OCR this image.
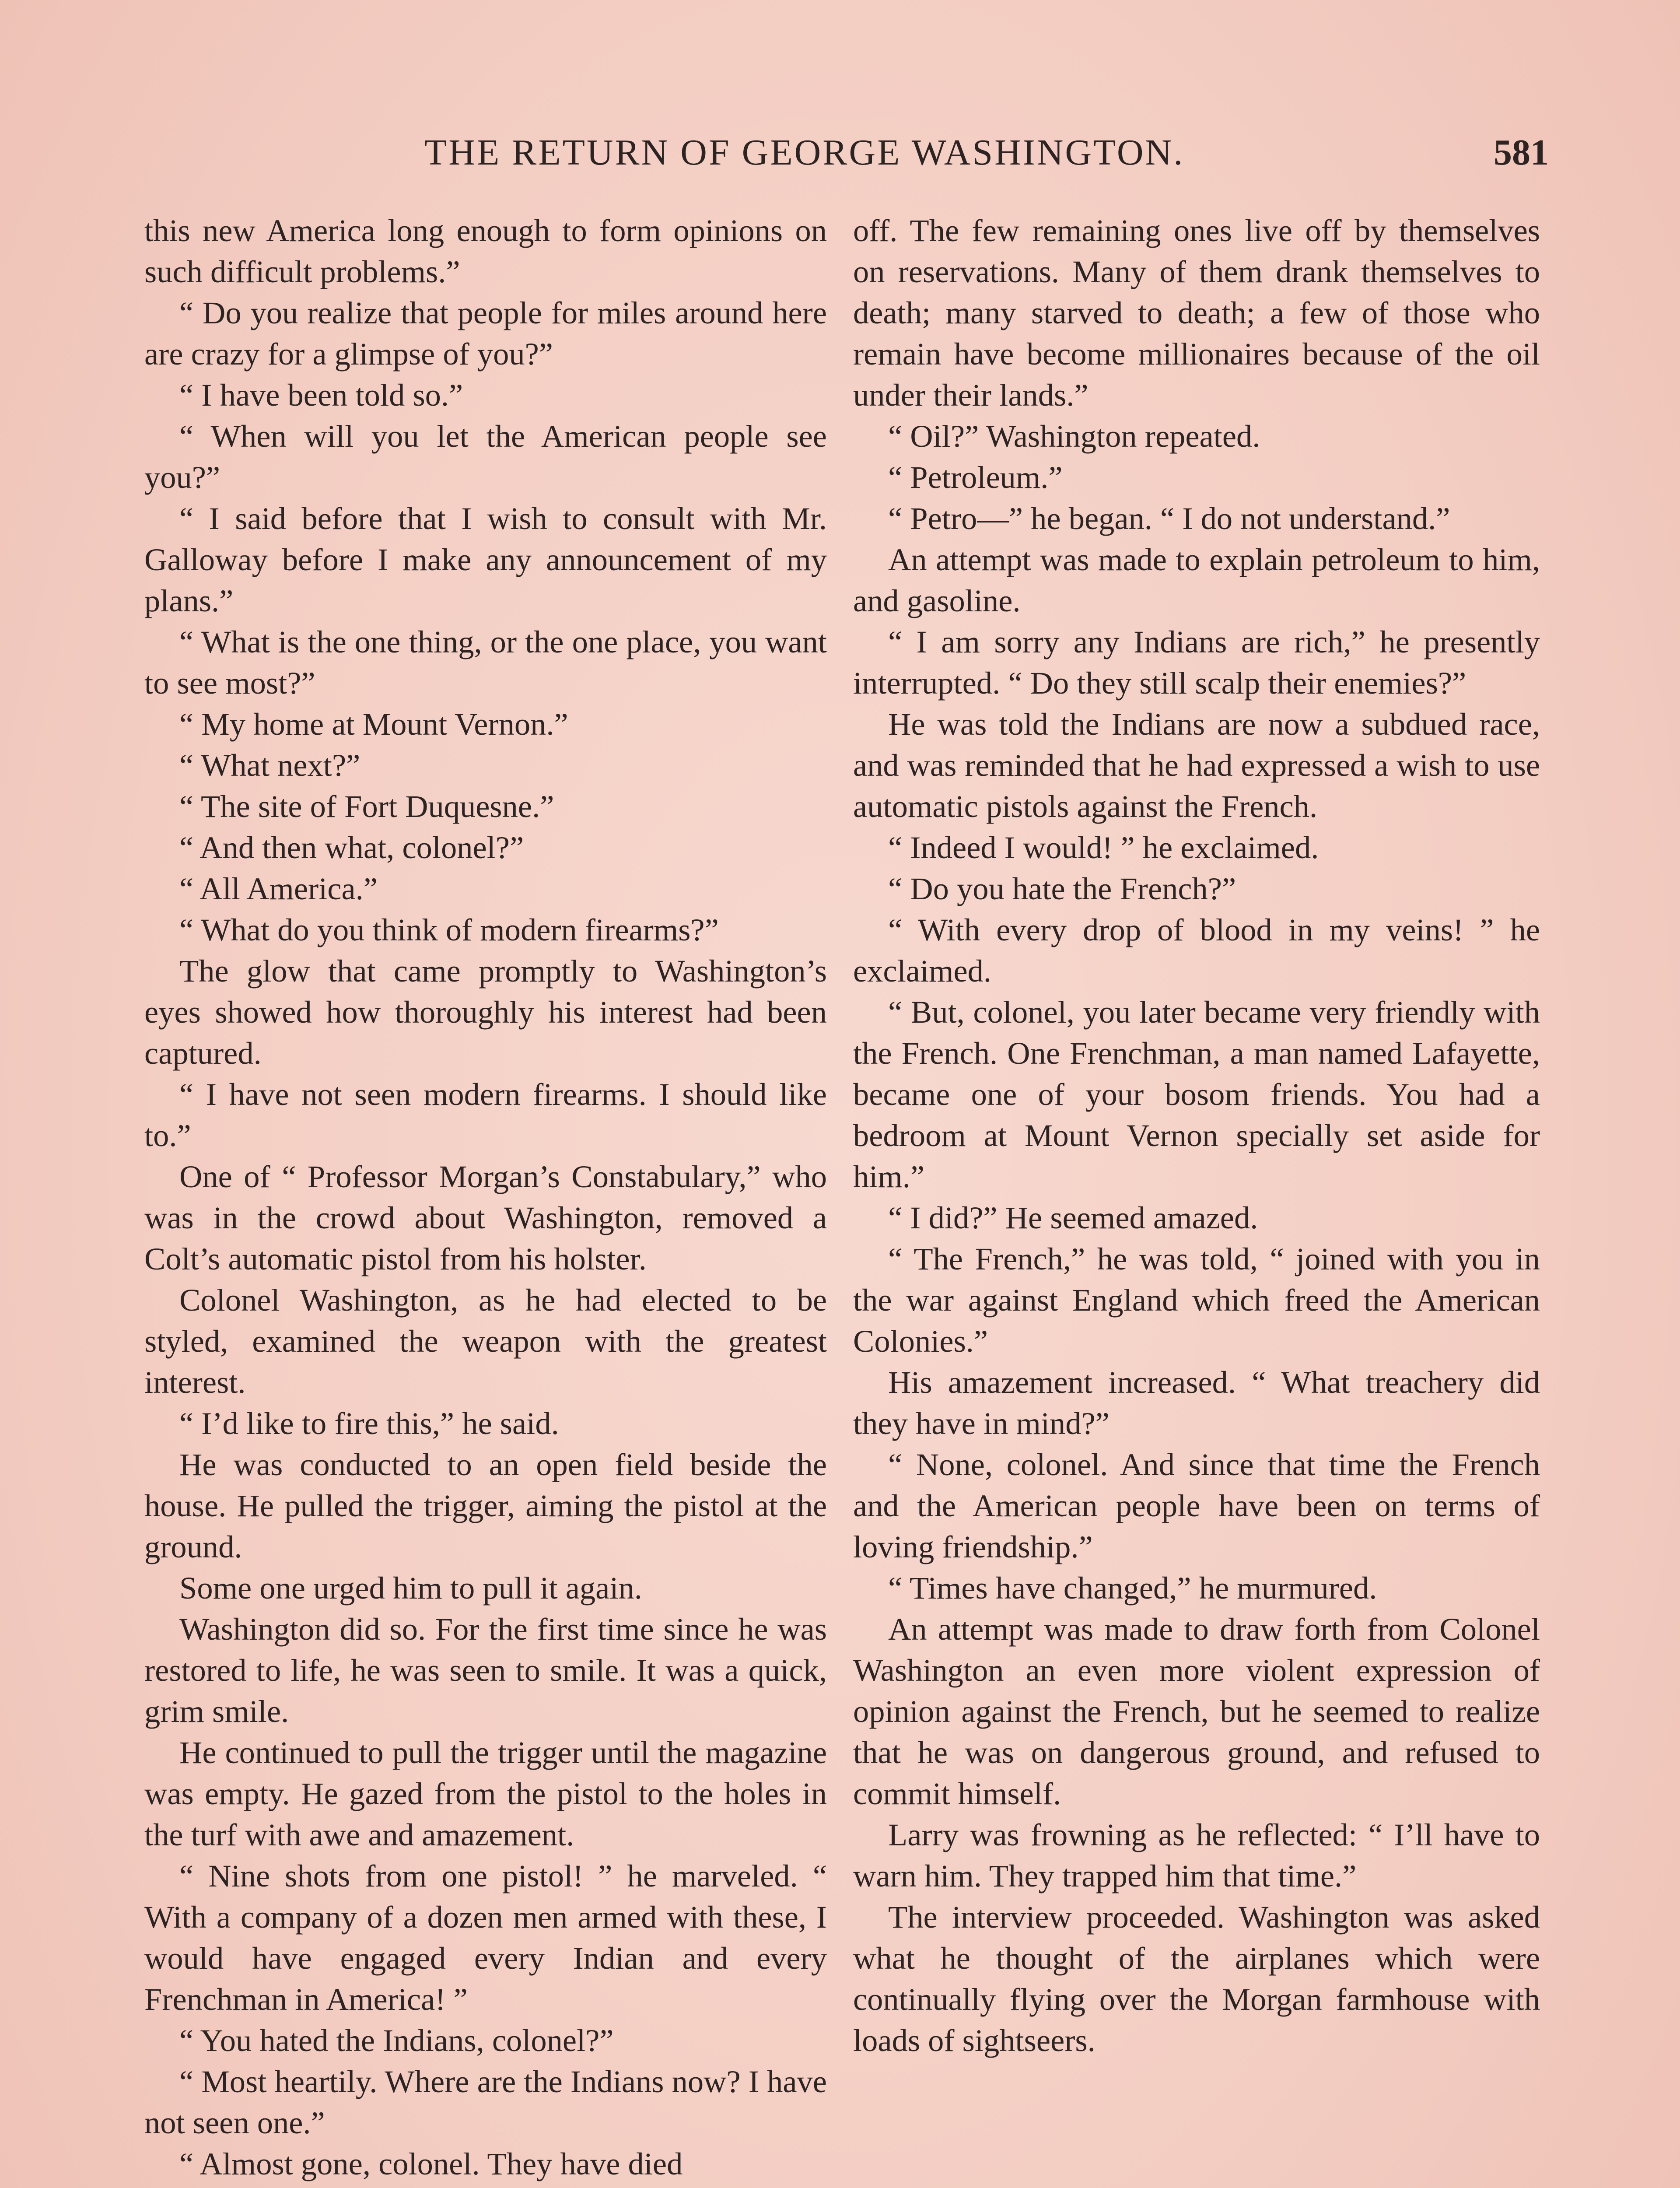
THE RETURN OF GEORGE WASHINGTON.	581

this new America long enough to form opinions on such difficult problems.”

“ Do you realize that people for miles around here are crazy for a glimpse of you?”

“ I have been told so.”

“ When will you let the American people see you?”

“ I said before that I wish to consult with Mr. Galloway before I make any announcement of my plans.”

“ What is the one thing, or the one place, you want to see most?”

“ My home at Mount Vernon.”

“ What next?”

“ The site of Fort Duquesne.”

“ And then what, colonel?”

“ All America.”

“ What do you think of modern firearms?”

The glow that came promptly to Washington’s eyes showed how thoroughly his interest had been captured.

“ I have not seen modern firearms. I should like to.”

One of “ Professor Morgan’s Constabulary,” who was in the crowd about Washington, removed a Colt’s automatic pistol from his holster.

Colonel Washington, as he had elected to be styled, examined the weapon with the greatest interest.

“ I’d like to fire this,” he said.

He was conducted to an open field beside the house. He pulled the trigger, aiming the pistol at the ground.

Some one urged him to pull it again.

Washington did so. For the first time since he was restored to life, he was seen to smile. It was a quick, grim smile.

He continued to pull the trigger until the magazine was empty. He gazed from the pistol to the holes in the turf with awe and amazement.

“ Nine shots from one pistol! ” he marveled. “ With a company of a dozen men armed with these, I would have engaged every Indian and every Frenchman in America! ”

“ You hated the Indians, colonel?”

“ Most heartily. Where are the Indians now? I have not seen one.”

“ Almost gone, colonel. They have died

off. The few remaining ones live off by themselves on reservations. Many of them drank themselves to death; many starved to death; a few of those who remain have become millionaires because of the oil under their lands.”

“ Oil?” Washington repeated.

“ Petroleum.”

“ Petro—” he began. “ I do not understand.”

An attempt was made to explain petroleum to him, and gasoline.

“ I am sorry any Indians are rich,” he presently interrupted. “ Do they still scalp their enemies?”

He was told the Indians are now a subdued race, and was reminded that he had expressed a wish to use automatic pistols against the French.

“ Indeed I would! ” he exclaimed.

“ Do you hate the French?”

“ With every drop of blood in my veins! ” he exclaimed.

“ But, colonel, you later became very friendly with the French. One Frenchman, a man named Lafayette, became one of your bosom friends. You had a bedroom at Mount Vernon specially set aside for him.”

“ I did?” He seemed amazed.

“ The French,” he was told, “ joined with you in the war against England which freed the American Colonies.”

His amazement increased. “ What treachery did they have in mind?”

“ None, colonel. And since that time the French and the American people have been on terms of loving friendship.”

“ Times have changed,” he murmured.

An attempt was made to draw forth from Colonel Washington an even more violent expression of opinion against the French, but he seemed to realize that he was on dangerous ground, and refused to commit himself.

Larry was frowning as he reflected: “ I’ll have to warn him. They trapped him that time.”

The interview proceeded. Washington was asked what he thought of the airplanes which were continually flying over the Morgan farmhouse with loads of sightseers.
